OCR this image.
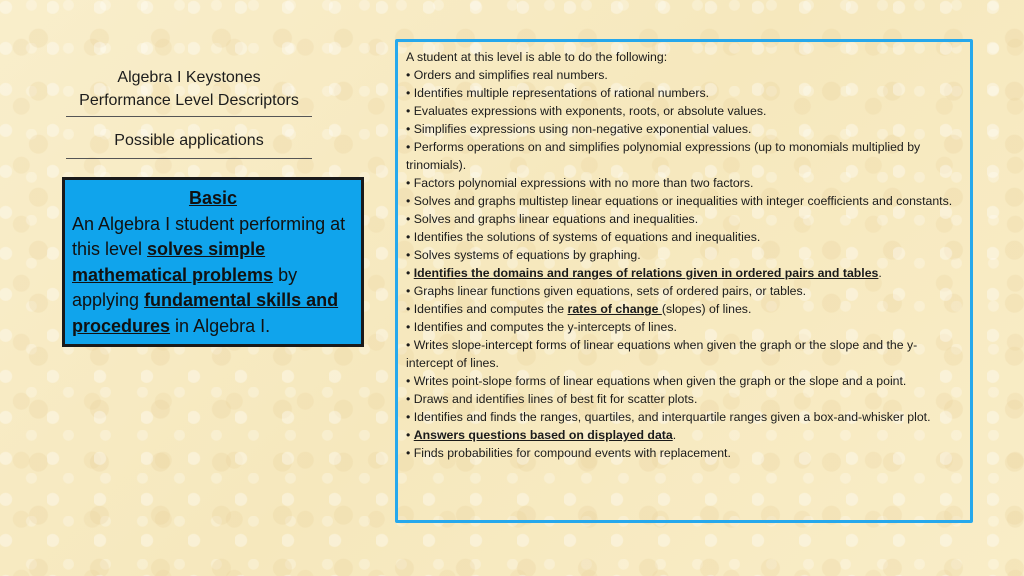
Algebra I Keystones
Performance Level Descriptors
Possible applications
Basic
An Algebra I student performing at this level solves simple mathematical problems by applying fundamental skills and procedures in Algebra I.

A student at this level is able to do the following:

• Orders and simplifies real numbers.

• Identifies multiple representations of rational numbers.

• Evaluates expressions with exponents, roots, or absolute values.

• Simplifies expressions using non-negative exponential values.

• Performs operations on and simplifies polynomial expressions (up to monomials multiplied by trinomials).

• Factors polynomial expressions with no more than two factors.

• Solves and graphs multistep linear equations or inequalities with integer coefficients and constants.

• Solves and graphs linear equations and inequalities.

• Identifies the solutions of systems of equations and inequalities.

• Solves systems of equations by graphing.

• Identifies the domains and ranges of relations given in ordered pairs and tables.

• Graphs linear functions given equations, sets of ordered pairs, or tables.

• Identifies and computes the rates of change (slopes) of lines.

• Identifies and computes the y-intercepts of lines.

• Writes slope-intercept forms of linear equations when given the graph or the slope and the y-intercept of lines.

• Writes point-slope forms of linear equations when given the graph or the slope and a point.

• Draws and identifies lines of best fit for scatter plots.

• Identifies and finds the ranges, quartiles, and interquartile ranges given a box-and-whisker plot.

• Answers questions based on displayed data.

• Finds probabilities for compound events with replacement.
